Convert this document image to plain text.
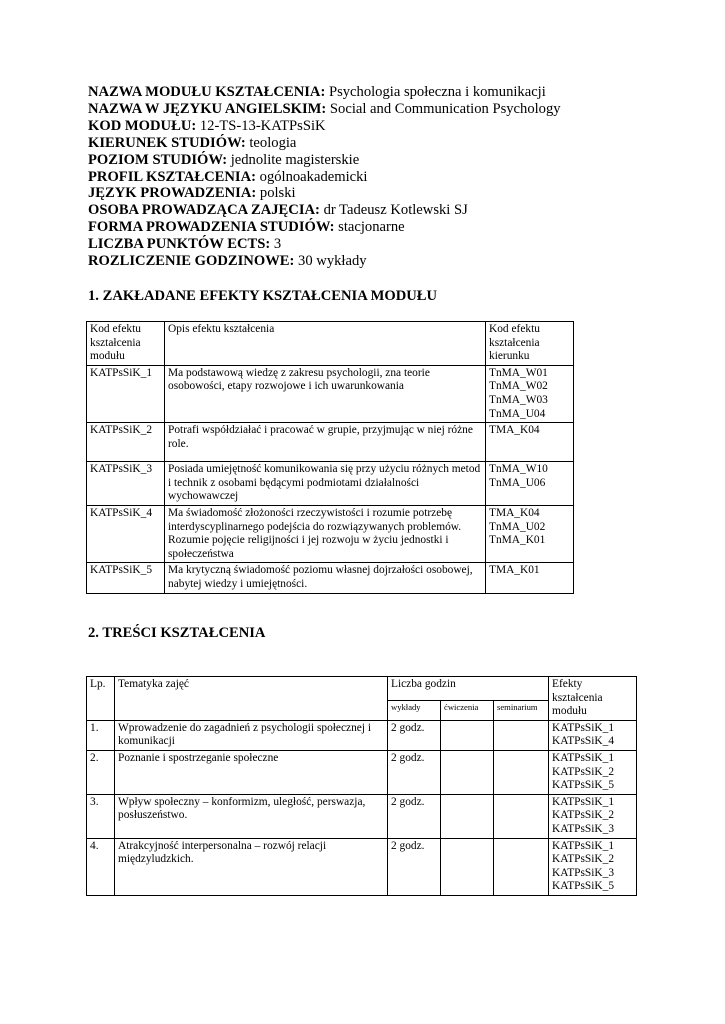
NAZWA MODUŁU KSZTAŁCENIA: Psychologia społeczna i komunikacji
NAZWA W JĘZYKU ANGIELSKIM: Social and Communication Psychology
KOD MODUŁU: 12-TS-13-KATPsSiK
KIERUNEK STUDIÓW: teologia
POZIOM STUDIÓW: jednolite magisterskie
PROFIL KSZTAŁCENIA: ogólnoakademicki
JĘZYK PROWADZENIA: polski
OSOBA PROWADZĄCA ZAJĘCIA: dr Tadeusz Kotlewski SJ
FORMA PROWADZENIA STUDIÓW: stacjonarne
LICZBA PUNKTÓW ECTS: 3
ROZLICZENIE GODZINOWE: 30 wykłady
1. ZAKŁADANE EFEKTY KSZTAŁCENIA MODUŁU
Kod efektu kształcenia modułu	Opis efektu kształcenia	Kod efektu kształcenia kierunku
KATPsSiK_1	Ma podstawową wiedzę z zakresu psychologii, zna teorie osobowości, etapy rozwojowe i ich uwarunkowania	TnMA_W01
TnMA_W02
TnMA_W03
TnMA_U04

KATPsSiK_2	Potrafi współdziałać i pracować w grupie, przyjmując w niej różne role.	TMA_K04

KATPsSiK_3	Posiada umiejętność komunikowania się przy użyciu różnych metod i technik z osobami będącymi podmiotami działalności wychowawczej	TnMA_W10
TnMA_U06

KATPsSiK_4	Ma świadomość złożoności rzeczywistości i rozumie potrzebę interdyscyplinarnego podejścia do rozwiązywanych problemów. Rozumie pojęcie religijności i jej rozwoju w życiu jednostki i społeczeństwa	TMA_K04
TnMA_U02
TnMA_K01

KATPsSiK_5	Ma krytyczną świadomość poziomu własnej dojrzałości osobowej, nabytej wiedzy i umiejętności.	TMA_K01
2. TREŚCI KSZTAŁCENIA
Lp.	Tematyka zajęć	Liczba godzin			Efekty kształcenia modułu
		wykłady	ćwiczenia	seminarium	
1.	Wprowadzenie do zagadnień z psychologii społecznej i komunikacji	2 godz.			KATPsSiK_1
KATPsSiK_4

2.	Poznanie i spostrzeganie społeczne	2 godz.			KATPsSiK_1
KATPsSiK_2
KATPsSiK_5

3.	Wpływ społeczny – konformizm, uległość, perswazja, posłuszeństwo.	2 godz.			KATPsSiK_1
KATPsSiK_2
KATPsSiK_3

4.	Atrakcyjność interpersonalna – rozwój relacji międzyludzkich.	2 godz.			KATPsSiK_1
KATPsSiK_2
KATPsSiK_3
KATPsSiK_5
